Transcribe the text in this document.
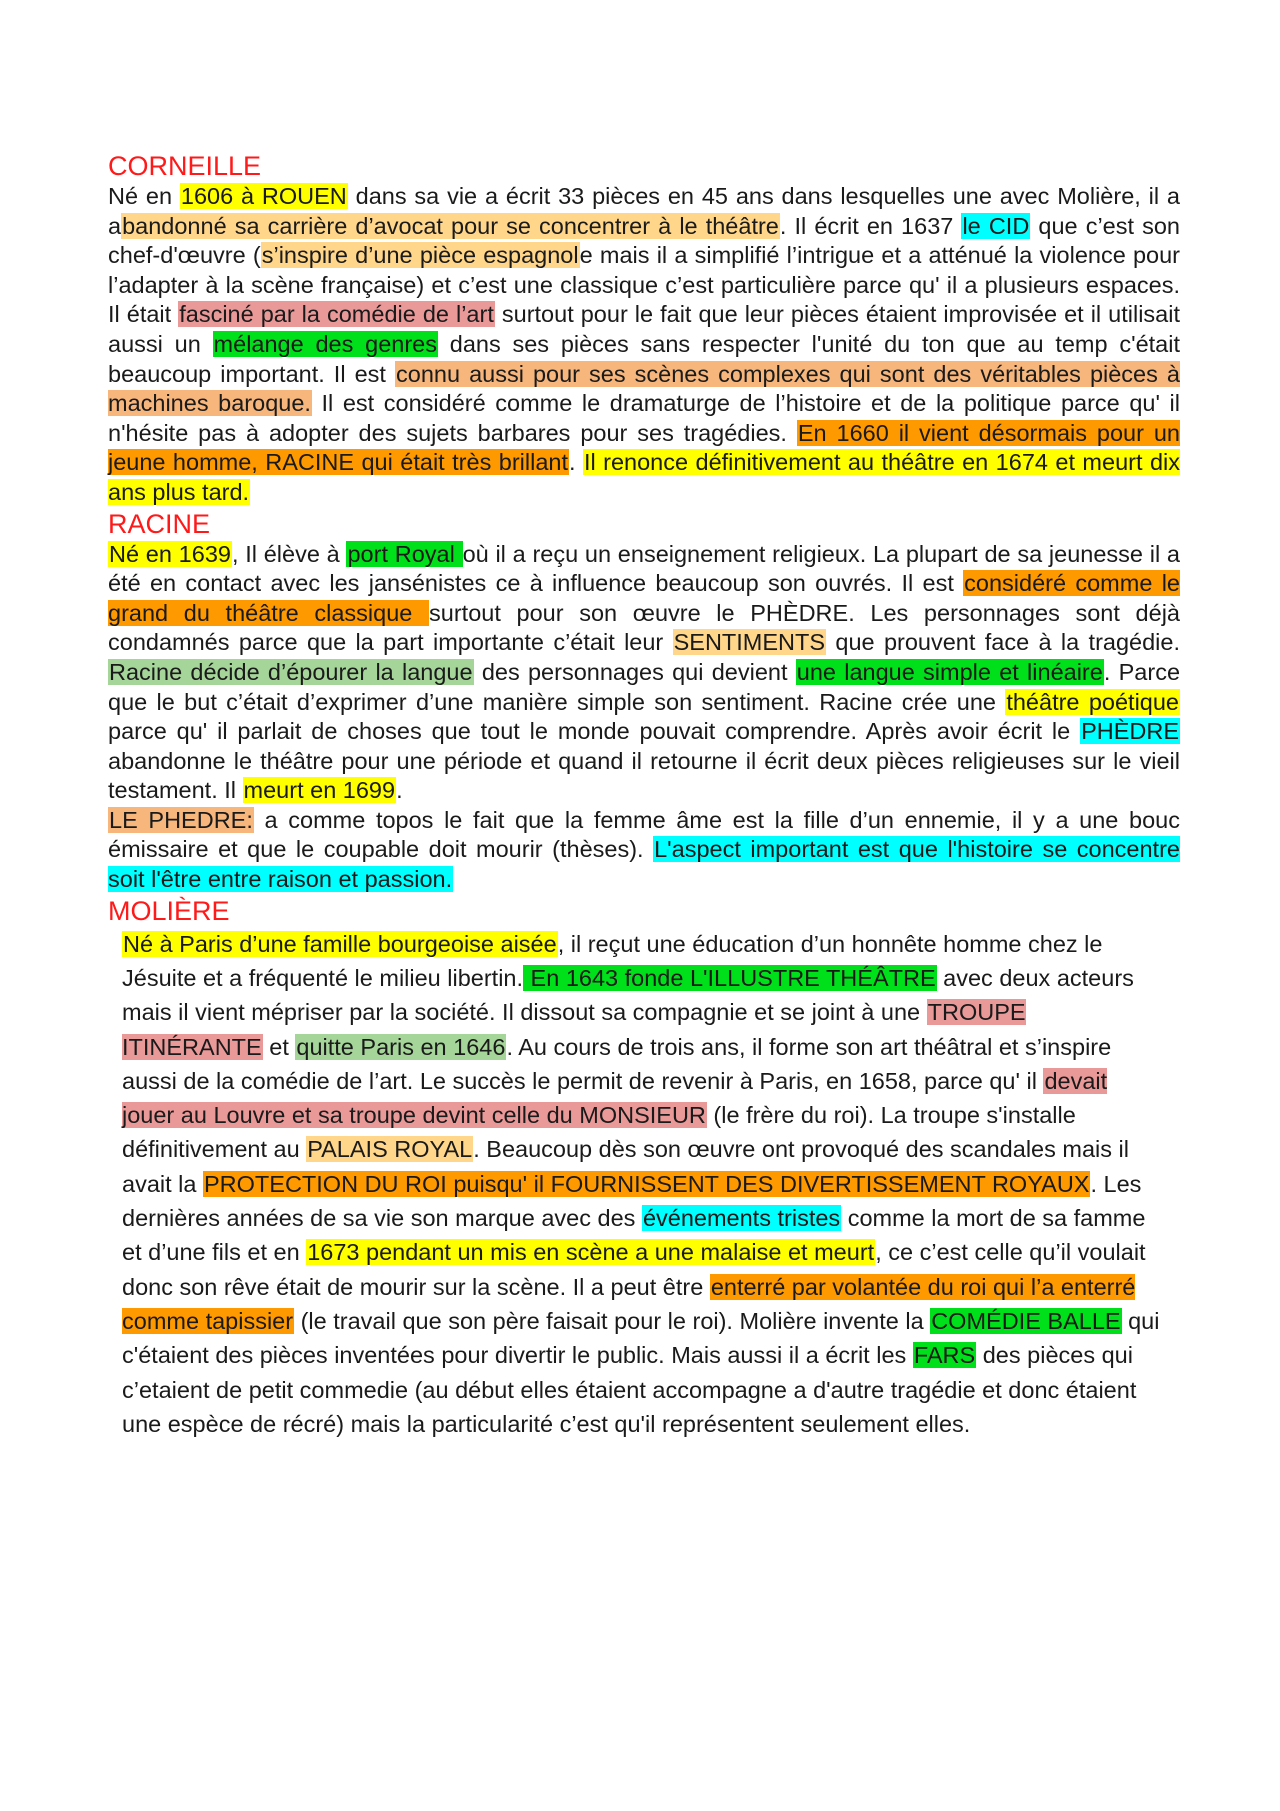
CORNEILLE

Né en 1606 à ROUEN dans sa vie a écrit 33 pièces en 45 ans dans lesquelles une avec Molière, il a abandonné sa carrière d’avocat pour se concentrer à le théâtre. Il écrit en 1637 le CID que c’est son chef-d'œuvre (s’inspire d’une pièce espagnole mais il a simplifié l’intrigue et a atténué la violence pour l’adapter à la scène française) et c’est une classique c’est particulière parce qu' il a plusieurs espaces. Il était fasciné par la comédie de l’art surtout pour le fait que leur pièces étaient improvisée et il utilisait aussi un mélange des genres dans ses pièces sans respecter l'unité du ton que au temp c'était beaucoup important. Il est connu aussi pour ses scènes complexes qui sont des véritables pièces à machines baroque. Il est considéré comme le dramaturge de l’histoire et de la politique parce qu' il n'hésite pas à adopter des sujets barbares pour ses tragédies. En 1660 il vient désormais pour un jeune homme, RACINE qui était très brillant. Il renonce définitivement au théâtre en 1674 et meurt dix ans plus tard.

RACINE

Né en 1639, Il élève à port Royal où il a reçu un enseignement religieux. La plupart de sa jeunesse il a été en contact avec les jansénistes ce à influence beaucoup son ouvrés. Il est considéré comme le grand du théâtre classique surtout pour son œuvre le PHÈDRE. Les personnages sont déjà condamnés parce que la part importante c’était leur SENTIMENTS que prouvent face à la tragédie. Racine décide d’épourer la langue des personnages qui devient une langue simple et linéaire. Parce que le but c’était d’exprimer d’une manière simple son sentiment. Racine crée une théâtre poétique parce qu' il parlait de choses que tout le monde pouvait comprendre. Après avoir écrit le PHÈDRE abandonne le théâtre pour une période et quand il retourne il écrit deux pièces religieuses sur le vieil testament. Il meurt en 1699.

LE PHEDRE: a comme topos le fait que la femme âme est la fille d’un ennemie, il y a une bouc émissaire et que le coupable doit mourir (thèses). L'aspect important est que l'histoire se concentre soit l'être entre raison et passion.

MOLIÈRE

Né à Paris d’une famille bourgeoise aisée, il reçut une éducation d’un honnête homme chez le Jésuite et a fréquenté le milieu libertin. En 1643 fonde L'ILLUSTRE THÉÂTRE avec deux acteurs mais il vient mépriser par la société. Il dissout sa compagnie et se joint à une TROUPE ITINÉRANTE et quitte Paris en 1646. Au cours de trois ans, il forme son art théâtral et s’inspire aussi de la comédie de l’art. Le succès le permit de revenir à Paris, en 1658, parce qu' il devait jouer au Louvre et sa troupe devint celle du MONSIEUR (le frère du roi). La troupe s'installe définitivement au PALAIS ROYAL. Beaucoup dès son œuvre ont provoqué des scandales mais il avait la PROTECTION DU ROI puisqu' il FOURNISSENT DES DIVERTISSEMENT ROYAUX. Les dernières années de sa vie son marque avec des événements tristes comme la mort de sa famme et d’une fils et en 1673 pendant un mis en scène a une malaise et meurt, ce c’est celle qu’il voulait donc son rêve était de mourir sur la scène. Il a peut être enterré par volantée du roi qui l’a enterré comme tapissier (le travail que son père faisait pour le roi). Molière invente la COMÉDIE BALLE qui c'étaient des pièces inventées pour divertir le public. Mais aussi il a écrit les FARS des pièces qui c’etaient de petit commedie (au début elles étaient accompagne a d'autre tragédie et donc étaient une espèce de récré) mais la particularité c’est qu'il représentent seulement elles.
